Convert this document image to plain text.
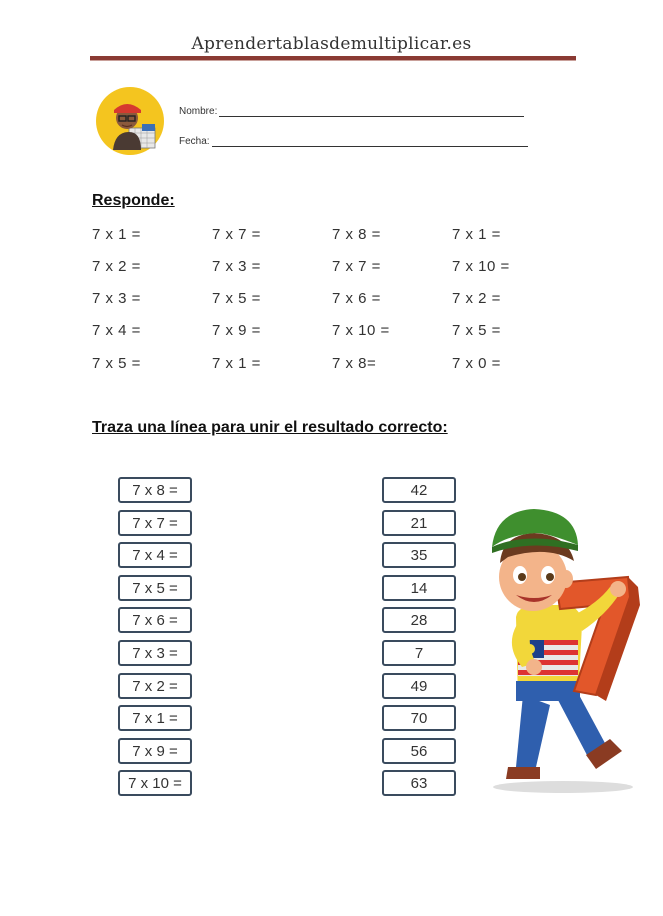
Aprendertablasdemultiplicar.es
Nombre:
Fecha:
Responde:
7 x 1 =
7 x 2 =
7 x 3 =
7 x 4 =
7 x 5 =
7 x 7 =
7 x 3 =
7 x 5 =
7 x 9 =
7 x 1 =
7 x 8 =
7 x 7 =
7 x 6 =
7 x 10 =
7 x 8=
7 x 1 =
7 x 10 =
7 x 2 =
7 x 5 =
7 x 0 =
Traza una línea para unir el resultado correcto:
7 x 8 =
7 x 7 =
7 x 4 =
7 x 5 =
7 x 6 =
7 x 3 =
7 x 2 =
7 x 1 =
7 x 9 =
7 x 10 =
42
21
35
14
28
7
49
70
56
63
